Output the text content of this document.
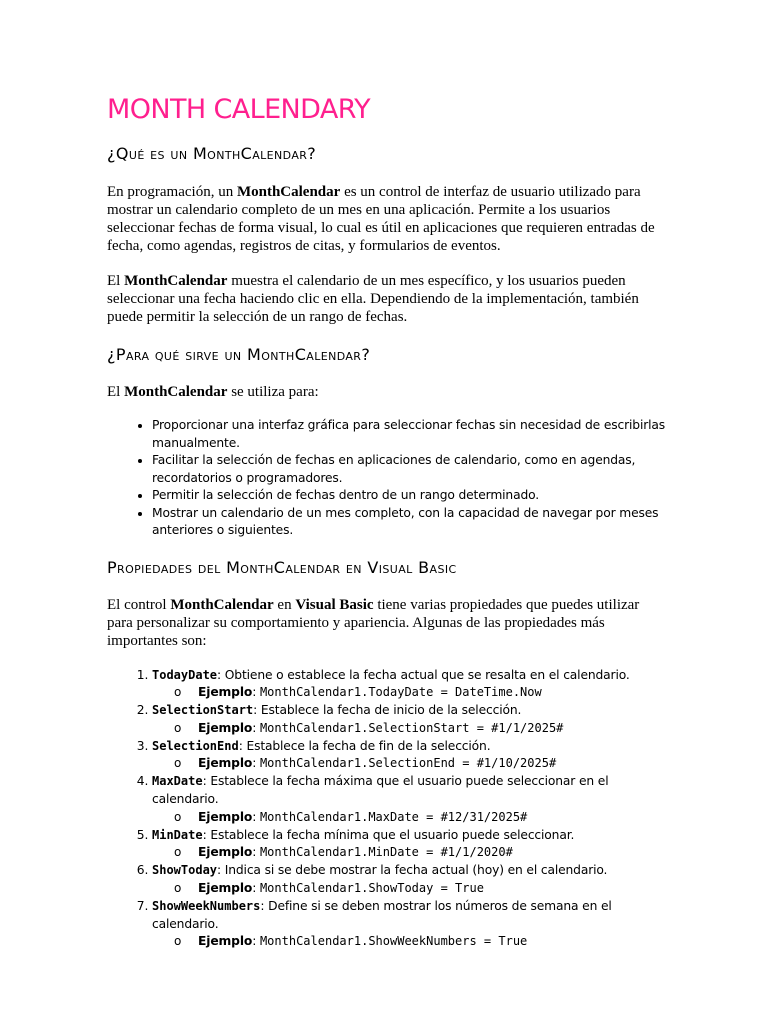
MONTH CALENDARY
¿Qué es un MonthCalendar?

En programación, un MonthCalendar es un control de interfaz de usuario utilizado para mostrar un calendario completo de un mes en una aplicación. Permite a los usuarios seleccionar fechas de forma visual, lo cual es útil en aplicaciones que requieren entradas de fecha, como agendas, registros de citas, y formularios de eventos.

El MonthCalendar muestra el calendario de un mes específico, y los usuarios pueden seleccionar una fecha haciendo clic en ella. Dependiendo de la implementación, también puede permitir la selección de un rango de fechas.

¿Para qué sirve un MonthCalendar?

El MonthCalendar se utiliza para:

• Proporcionar una interfaz gráfica para seleccionar fechas sin necesidad de escribirlas manualmente.
• Facilitar la selección de fechas en aplicaciones de calendario, como en agendas, recordatorios o programadores.
• Permitir la selección de fechas dentro de un rango determinado.
• Mostrar un calendario de un mes completo, con la capacidad de navegar por meses anteriores o siguientes.
Propiedades del MonthCalendar en Visual Basic

El control MonthCalendar en Visual Basic tiene varias propiedades que puedes utilizar para personalizar su comportamiento y apariencia. Algunas de las propiedades más importantes son:

1. TodayDate: Obtiene o establece la fecha actual que se resalta en el calendario.
o Ejemplo: MonthCalendar1.TodayDate = DateTime.Now
2. SelectionStart: Establece la fecha de inicio de la selección.
o Ejemplo: MonthCalendar1.SelectionStart = #1/1/2025#
3. SelectionEnd: Establece la fecha de fin de la selección.
o Ejemplo: MonthCalendar1.SelectionEnd = #1/10/2025#
4. MaxDate: Establece la fecha máxima que el usuario puede seleccionar en el calendario.
o Ejemplo: MonthCalendar1.MaxDate = #12/31/2025#
5. MinDate: Establece la fecha mínima que el usuario puede seleccionar.
o Ejemplo: MonthCalendar1.MinDate = #1/1/2020#
6. ShowToday: Indica si se debe mostrar la fecha actual (hoy) en el calendario.
o Ejemplo: MonthCalendar1.ShowToday = True
7. ShowWeekNumbers: Define si se deben mostrar los números de semana en el calendario.
o Ejemplo: MonthCalendar1.ShowWeekNumbers = True
